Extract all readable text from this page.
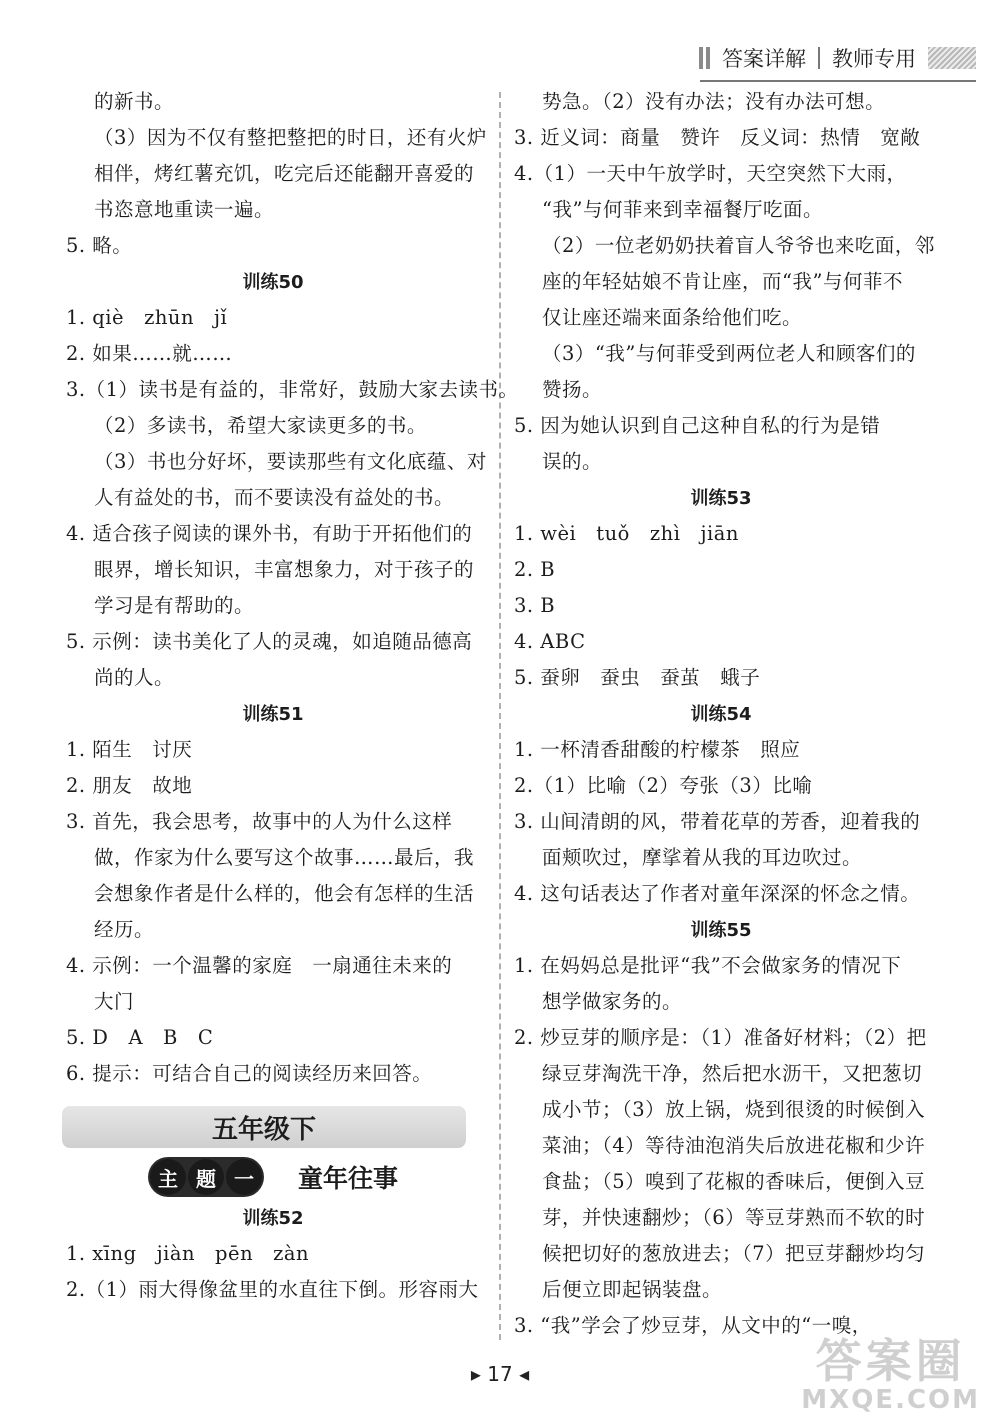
答案详解 教师专用
的新书。
（3）因为不仅有整把整把的时日，还有火炉
相伴，烤红薯充饥，吃完后还能翻开喜爱的
书恣意地重读一遍。
5. 略。
训练50
1. qiè　zhūn　jǐ
2. 如果……就……
3.（1）读书是有益的，非常好，鼓励大家去读书。
（2）多读书，希望大家读更多的书。
（3）书也分好坏，要读那些有文化底蕴、对
人有益处的书，而不要读没有益处的书。
4. 适合孩子阅读的课外书，有助于开拓他们的
眼界，增长知识，丰富想象力，对于孩子的
学习是有帮助的。
5. 示例：读书美化了人的灵魂，如追随品德高
尚的人。
训练51
1. 陌生　讨厌
2. 朋友　故地
3. 首先，我会思考，故事中的人为什么这样
做，作家为什么要写这个故事……最后，我
会想象作者是什么样的，他会有怎样的生活
经历。
4. 示例：一个温馨的家庭　一扇通往未来的
大门
5. D　A　B　C
6. 提示：可结合自己的阅读经历来回答。
五年级下
主 题 一	童年往事
训练52
1. xīng　jiàn　pēn　zàn
2.（1）雨大得像盆里的水直往下倒。形容雨大
势急。（2）没有办法；没有办法可想。
3. 近义词：商量　赞许　反义词：热情　宽敞
4.（1）一天中午放学时，天空突然下大雨，
“我”与何菲来到幸福餐厅吃面。
（2）一位老奶奶扶着盲人爷爷也来吃面，邻
座的年轻姑娘不肯让座，而“我”与何菲不
仅让座还端来面条给他们吃。
（3）“我”与何菲受到两位老人和顾客们的
赞扬。
5. 因为她认识到自己这种自私的行为是错
误的。
训练53
1. wèi　tuǒ　zhì　jiān
2. B
3. B
4. ABC
5. 蚕卵　蚕虫　蚕茧　蛾子
训练54
1. 一杯清香甜酸的柠檬茶　照应
2.（1）比喻（2）夸张（3）比喻
3. 山间清朗的风，带着花草的芳香，迎着我的
面颊吹过，摩挲着从我的耳边吹过。
4. 这句话表达了作者对童年深深的怀念之情。
训练55
1. 在妈妈总是批评“我”不会做家务的情况下
想学做家务的。
2. 炒豆芽的顺序是：（1）准备好材料；（2）把
绿豆芽淘洗干净，然后把水沥干，又把葱切
成小节；（3）放上锅，烧到很烫的时候倒入
菜油；（4）等待油泡消失后放进花椒和少许
食盐；（5）嗅到了花椒的香味后，便倒入豆
芽，并快速翻炒；（6）等豆芽熟而不软的时
候把切好的葱放进去；（7）把豆芽翻炒均匀
后便立即起锅装盘。
3. “我”学会了炒豆芽，从文中的“一嗅，
▸ 17 ◂	答案圈
MXQE.COM
